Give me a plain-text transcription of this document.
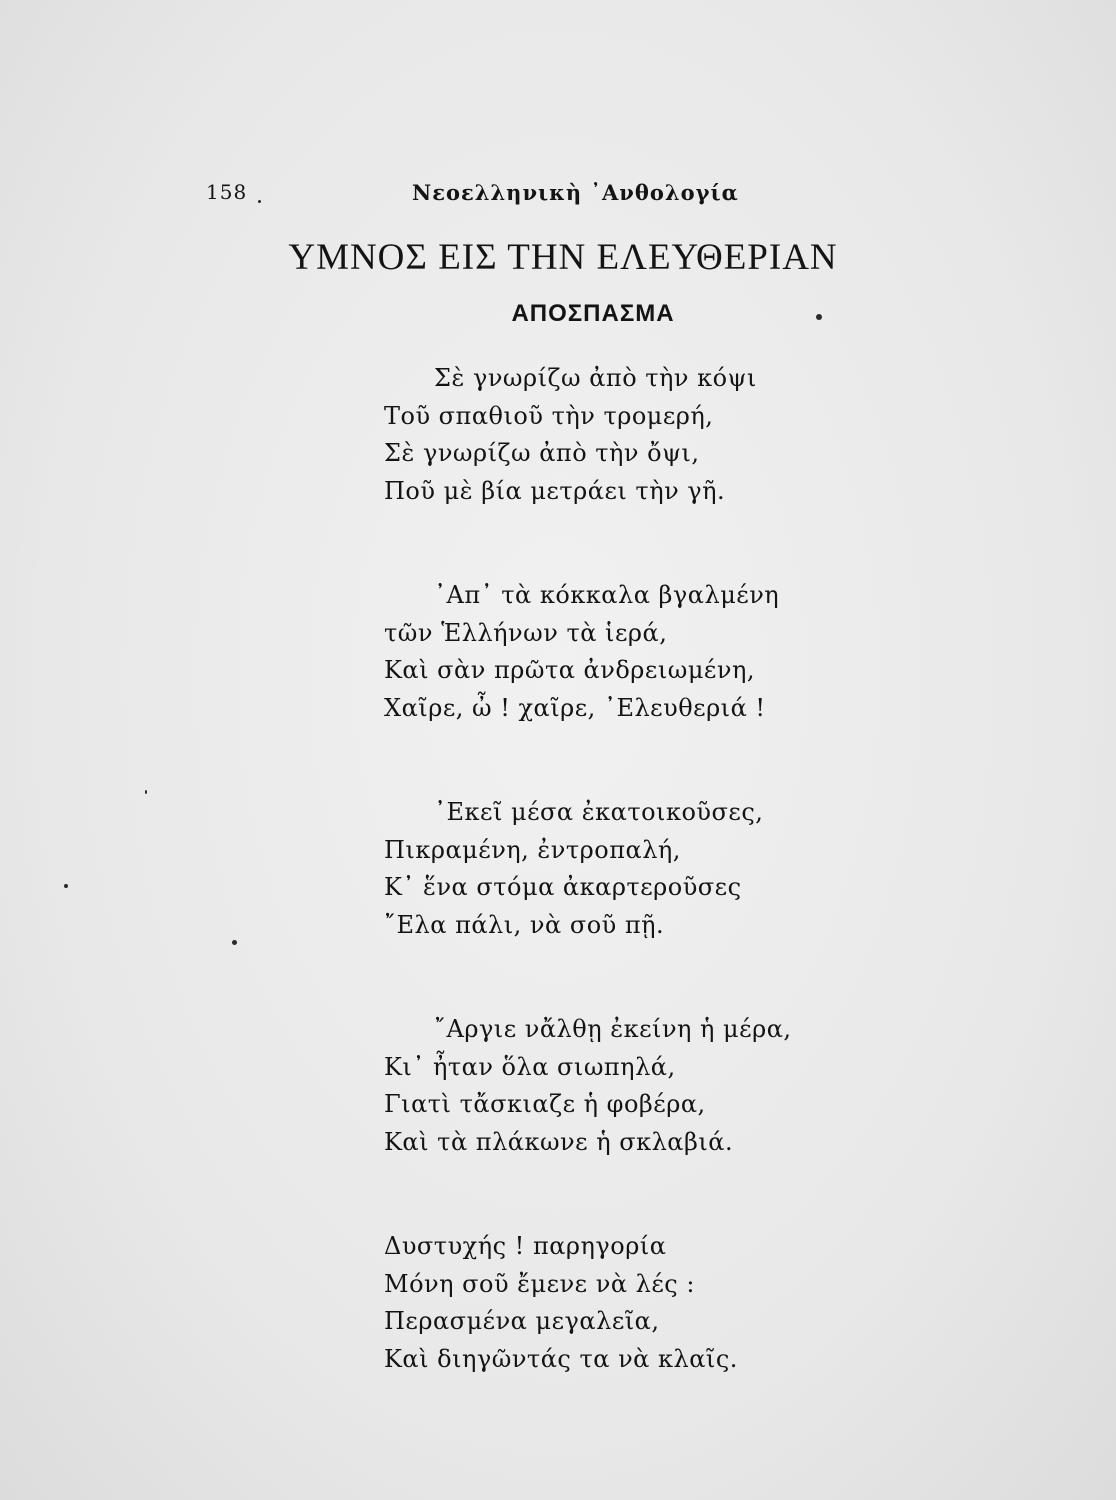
158	Νεοελληνικὴ ᾿Ανθολογία
ΥΜΝΟΣ ΕΙΣ ΤΗΝ ΕΛΕΥΘΕΡΙΑΝ
ΑΠΟΣΠΑΣΜΑ
Σὲ γνωρίζω ἀπὸ τὴν κόψι
Τοῦ σπαθιοῦ τὴν τρομερή,
Σὲ γνωρίζω ἀπὸ τὴν ὄψι,
Ποῦ μὲ βία μετράει τὴν γῆ.
᾿Απ᾿ τὰ κόκκαλα βγαλμένη
τῶν Ἑλλήνων τὰ ἱερά,
Καὶ σὰν πρῶτα ἀνδρειωμένη,
Χαῖρε, ὦ ! χαῖρε, ᾿Ελευθεριά !
᾿Εκεῖ μέσα ἐκατοικοῦσες,
Πικραμένη, ἐντροπαλή,
Κ᾿ ἕνα στόμα ἀκαρτεροῦσες
῎Ελα πάλι, νὰ σοῦ πῇ.
῎Αργιε νἄλθῃ ἐκείνη ἡ μέρα,
Κι᾿ ἦταν ὅλα σιωπηλά,
Γιατὶ τἄσκιαζε ἡ φοβέρα,
Καὶ τὰ πλάκωνε ἡ σκλαβιά.
Δυστυχής ! παρηγορία
Μόνη σοῦ ἔμενε νὰ λές :
Περασμένα μεγαλεῖα,
Καὶ διηγῶντάς τα νὰ κλαῖς.
